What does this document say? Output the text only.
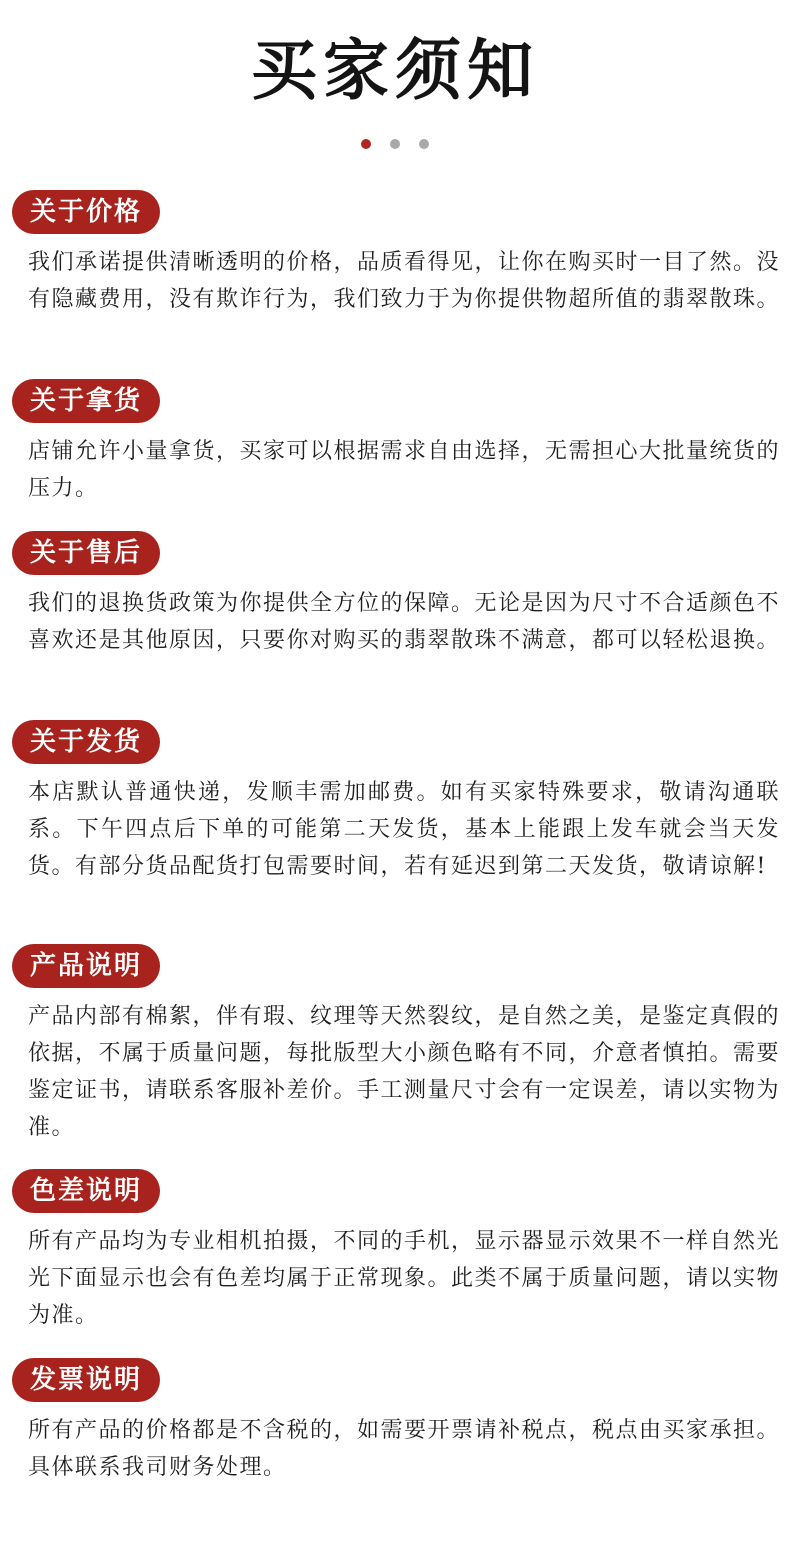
买家须知
关于价格
我们承诺提供清晰透明的价格，品质看得见，让你在购买时一目了然。没有隐藏费用，没有欺诈行为，我们致力于为你提供物超所值的翡翠散珠。
关于拿货
店铺允许小量拿货，买家可以根据需求自由选择，无需担心大批量统货的压力。
关于售后
我们的退换货政策为你提供全方位的保障。无论是因为尺寸不合适颜色不喜欢还是其他原因，只要你对购买的翡翠散珠不满意，都可以轻松退换。
关于发货
本店默认普通快递，发顺丰需加邮费。如有买家特殊要求，敬请沟通联系。下午四点后下单的可能第二天发货，基本上能跟上发车就会当天发货。有部分货品配货打包需要时间，若有延迟到第二天发货，敬请谅解!
产品说明
产品内部有棉絮，伴有瑕、纹理等天然裂纹，是自然之美，是鉴定真假的依据，不属于质量问题，每批版型大小颜色略有不同，介意者慎拍。需要鉴定证书，请联系客服补差价。手工测量尺寸会有一定误差，请以实物为准。
色差说明
所有产品均为专业相机拍摄，不同的手机，显示器显示效果不一样自然光光下面显示也会有色差均属于正常现象。此类不属于质量问题，请以实物为准。
发票说明
所有产品的价格都是不含税的，如需要开票请补税点，税点由买家承担。具体联系我司财务处理。
